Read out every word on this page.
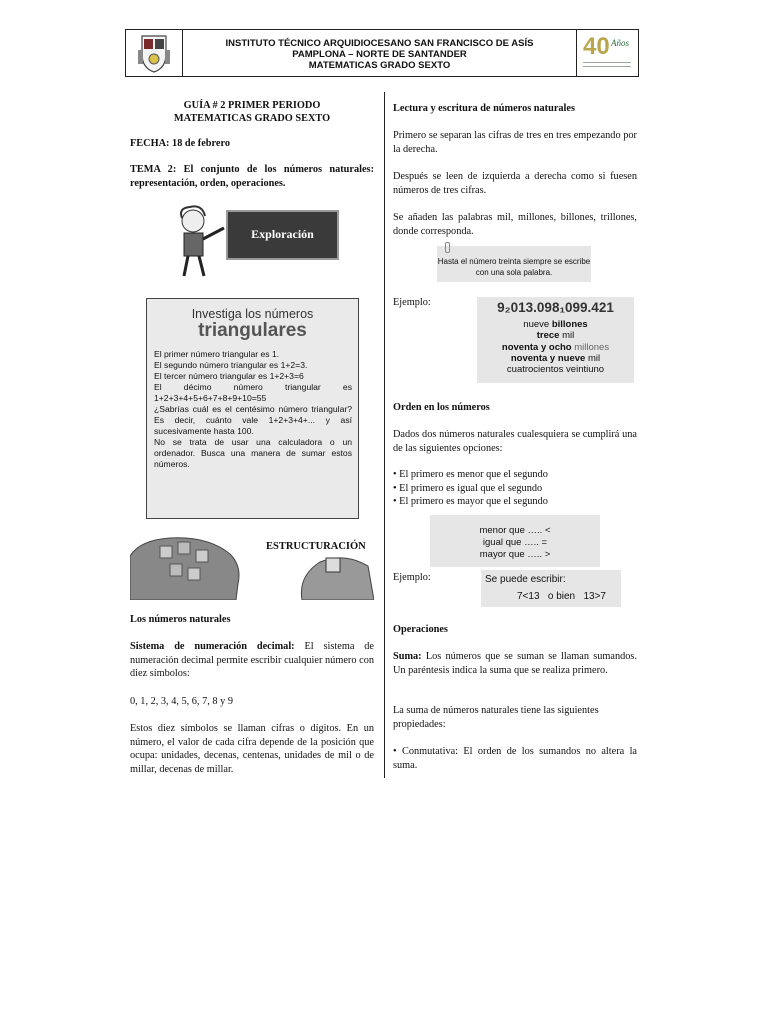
INSTITUTO TÉCNICO ARQUIDIOCESANO SAN FRANCISCO DE ASÍS
PAMPLONA – NORTE DE SANTANDER
MATEMATICAS GRADO SEXTO
40 Años
GUÍA # 2 PRIMER PERIODO
MATEMATICAS GRADO SEXTO
FECHA: 18 de febrero
TEMA 2: El conjunto de los números naturales: representación, orden, operaciones.
Exploración
Investiga los números
triangulares
El primer número triangular es 1.
El segundo número triangular es 1+2=3.
El tercer número triangular es 1+2+3=6
El décimo número triangular es 1+2+3+4+5+6+7+8+9+10=55
¿Sabrías cuál es el centésimo número triangular? Es decir, cuánto vale 1+2+3+4+... y así sucesivamente hasta 100.
No se trata de usar una calculadora o un ordenador. Busca una manera de sumar estos números.
ESTRUCTURACIÓN
Los números naturales
Sistema de numeración decimal: El sistema de numeración decimal permite escribir cualquier número con diez símbolos:
0, 1, 2, 3, 4, 5, 6, 7, 8 y 9
Estos diez símbolos se llaman cifras o dígitos. En un número, el valor de cada cifra depende de la posición que ocupa: unidades, decenas, centenas, unidades de mil o de millar, decenas de millar.
Lectura y escritura de números naturales
Primero se separan las cifras de tres en tres empezando por la derecha.
Después se leen de izquierda a derecha como si fuesen números de tres cifras.
Se añaden las palabras mil, millones, billones, trillones, donde corresponda.
Hasta el número treinta siempre se escribe con una sola palabra.
Ejemplo:	9₂013.098₁099.421
nueve billones
trece mil
noventa y ocho millones
noventa y nueve mil
cuatrocientos veintiuno
Orden en los números
Dados dos números naturales cualesquiera se cumplirá una de las siguientes opciones:
• El primero es menor que el segundo
• El primero es igual que el segundo
• El primero es mayor que el segundo
menor que ….. <
igual que ….. =
mayor que ….. >
Ejemplo:	Se puede escribir:
7<13   o bien   13>7
Operaciones
Suma: Los números que se suman se llaman sumandos. Un paréntesis indica la suma que se realiza primero.
La suma de números naturales tiene las siguientes propiedades:
• Conmutativa: El orden de los sumandos no altera la suma.
